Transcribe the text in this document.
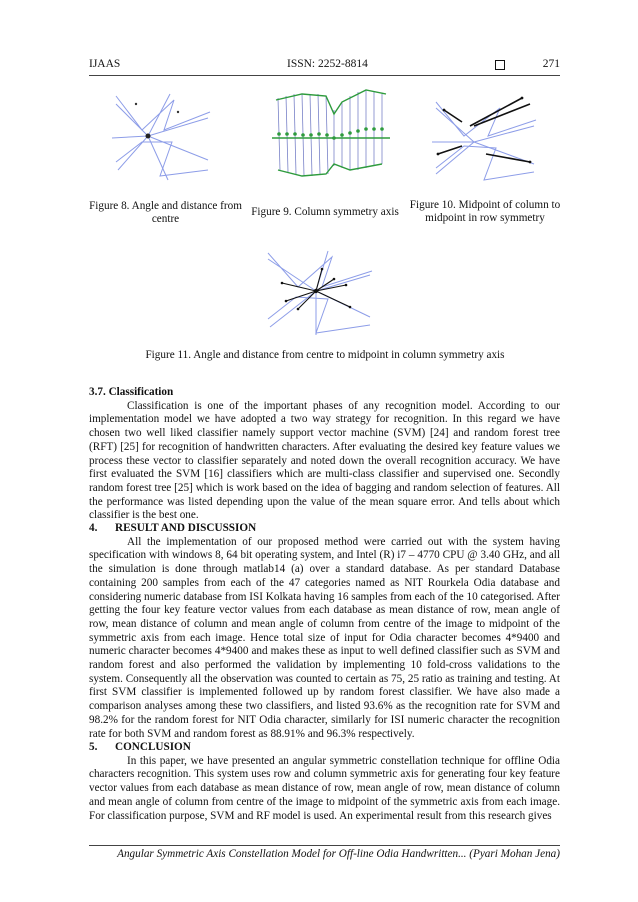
IJAAS	ISSN: 2252-8814	271
Figure 8. Angle and distance from centre
Figure 9. Column symmetry axis
Figure 10. Midpoint of column to midpoint in row symmetry
Figure 11. Angle and distance from centre to midpoint in column symmetry axis
3.7. Classification

Classification is one of the important phases of any recognition model. According to our implementation model we have adopted a two way strategy for recognition. In this regard we have chosen two well liked classifier namely support vector machine (SVM) [24] and random forest tree (RFT) [25] for recognition of handwritten characters. After evaluating the desired key feature values we process these vector to classifier separately and noted down the overall recognition accuracy. We have first evaluated the SVM [16] classifiers which are multi-class classifier and supervised one. Secondly random forest tree [25] which is work based on the idea of bagging and random selection of features. All the performance was listed depending upon the value of the mean square error. And tells about which classifier is the best one.

4. RESULT AND DISCUSSION

All the implementation of our proposed method were carried out with the system having specification with windows 8, 64 bit operating system, and Intel (R) i7 – 4770 CPU @ 3.40 GHz, and all the simulation is done through matlab14 (a) over a standard database. As per standard Database containing 200 samples from each of the 47 categories named as NIT Rourkela Odia database and considering numeric database from ISI Kolkata having 16 samples from each of the 10 categorised. After getting the four key feature vector values from each database as mean distance of row, mean angle of row, mean distance of column and mean angle of column from centre of the image to midpoint of the symmetric axis from each image. Hence total size of input for Odia character becomes 4*9400 and numeric character becomes 4*9400 and makes these as input to well defined classifier such as SVM and random forest and also performed the validation by implementing 10 fold-cross validations to the system. Consequently all the observation was counted to certain as 75, 25 ratio as training and testing. At first SVM classifier is implemented followed up by random forest classifier. We have also made a comparison analyses among these two classifiers, and listed 93.6% as the recognition rate for SVM and 98.2% for the random forest for NIT Odia character, similarly for ISI numeric character the recognition rate for both SVM and random forest as 88.91% and 96.3% respectively.

5. CONCLUSION

In this paper, we have presented an angular symmetric constellation technique for offline Odia characters recognition. This system uses row and column symmetric axis for generating four key feature vector values from each database as mean distance of row, mean angle of row, mean distance of column and mean angle of column from centre of the image to midpoint of the symmetric axis from each image. For classification purpose, SVM and RF model is used. An experimental result from this research gives

Angular Symmetric Axis Constellation Model for Off-line Odia Handwritten... (Pyari Mohan Jena)
